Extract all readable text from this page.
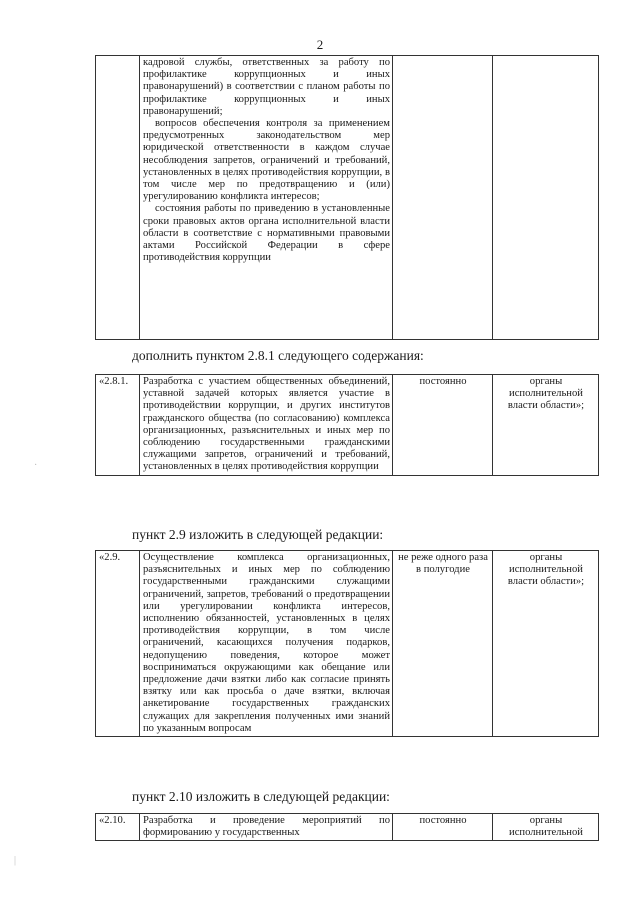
2

кадровой службы, ответственных за работу по профилактике коррупционных и иных правонарушений) в соответствии с планом работы по профилактике коррупционных и иных правонарушений;
вопросов обеспечения контроля за применением предусмотренных законодательством мер юридической ответственности в каждом случае несоблюдения запретов, ограничений и требований, установленных в целях противодействия коррупции, в том числе мер по предотвращению и (или) урегулированию конфликта интересов;
состояния работы по приведению в установленные сроки правовых актов органа исполнительной власти области в соответствие с нормативными правовыми актами Российской Федерации в сфере противодействия коррупции

дополнить пунктом 2.8.1 следующего содержания:
«2.8.1.	Разработка с участием общественных объединений, уставной задачей которых является участие в противодействии коррупции, и других институтов гражданского общества (по согласованию) комплекса организационных, разъяснительных и иных мер по соблюдению государственными гражданскими служащими запретов, ограничений и требований, установленных в целях противодействия коррупции	постоянно	органы исполнительной власти области»;
пункт 2.9 изложить в следующей редакции:
«2.9.	Осуществление комплекса организационных, разъяснительных и иных мер по соблюдению государственными гражданскими служащими ограничений, запретов, требований о предотвращении или урегулировании конфликта интересов, исполнению обязанностей, установленных в целях противодействия коррупции, в том числе ограничений, касающихся получения подарков, недопущению поведения, которое может восприниматься окружающими как обещание или предложение дачи взятки либо как согласие принять взятку или как просьба о даче взятки, включая анкетирование государственных гражданских служащих для закрепления полученных ими знаний по указанным вопросам	не реже одного раза в полугодие	органы исполнительной власти области»;
пункт 2.10 изложить в следующей редакции:
«2.10.	Разработка и проведение мероприятий по формированию у государственных	постоянно	органы исполнительной
·
|
